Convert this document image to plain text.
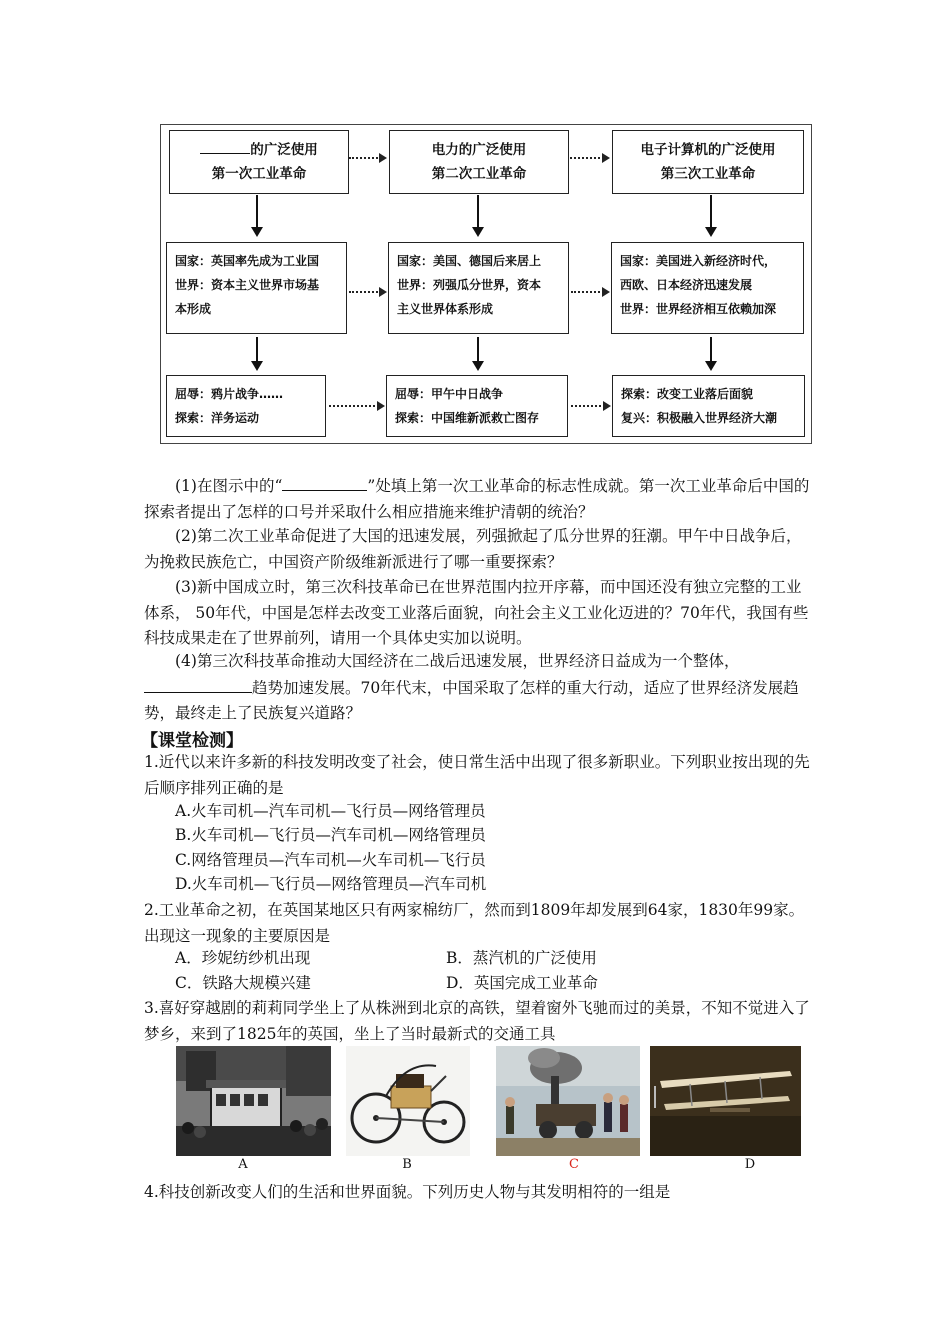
的广泛使用
第一次工业革命
电力的广泛使用
第二次工业革命
电子计算机的广泛使用
第三次工业革命
国家：英国率先成为工业国
世界：资本主义世界市场基
本形成
国家：美国、德国后来居上
世界：列强瓜分世界，资本
主义世界体系形成
国家：美国进入新经济时代，
西欧、日本经济迅速发展
世界：世界经济相互依赖加深
屈辱：鸦片战争……
探索：洋务运动
屈辱：甲午中日战争
探索：中国维新派救亡图存
探索：改变工业落后面貌
复兴：积极融入世界经济大潮

(1)在图示中的“	”处填上第一次工业革命的标志性成就。第一次工业革命后中国的探索者提出了怎样的口号并采取什么相应措施来维护清朝的统治？

(2)第二次工业革命促进了大国的迅速发展，列强掀起了瓜分世界的狂潮。甲午中日战争后，为挽救民族危亡，中国资产阶级维新派进行了哪一重要探索？

(3)新中国成立时，第三次科技革命已在世界范围内拉开序幕，而中国还没有独立完整的工业体系， 50年代，中国是怎样去改变工业落后面貌，向社会主义工业化迈进的？70年代，我国有些科技成果走在了世界前列，请用一个具体史实加以说明。

(4)第三次科技革命推动大国经济在二战后迅速发展，世界经济日益成为一个整体，趋势加速发展。70年代末，中国采取了怎样的重大行动，适应了世界经济发展趋势，最终走上了民族复兴道路？

【课堂检测】

1.近代以来许多新的科技发明改变了社会，使日常生活中出现了很多新职业。下列职业按出现的先后顺序排列正确的是

A.火车司机—汽车司机—飞行员—网络管理员
B.火车司机—飞行员—汽车司机—网络管理员
C.网络管理员—汽车司机—火车司机—飞行员
D.火车司机—飞行员—网络管理员—汽车司机

2.工业革命之初，在英国某地区只有两家棉纺厂，然而到1809年却发展到64家，1830年99家。出现这一现象的主要原因是

A．珍妮纺纱机出现	B．蒸汽机的广泛使用
C．铁路大规模兴建	D．英国完成工业革命

3.喜好穿越剧的莉莉同学坐上了从株洲到北京的高铁，望着窗外飞驰而过的美景，不知不觉进入了梦乡，来到了1825年的英国，坐上了当时最新式的交通工具

A	B	C	D

4.科技创新改变人们的生活和世界面貌。下列历史人物与其发明相符的一组是
